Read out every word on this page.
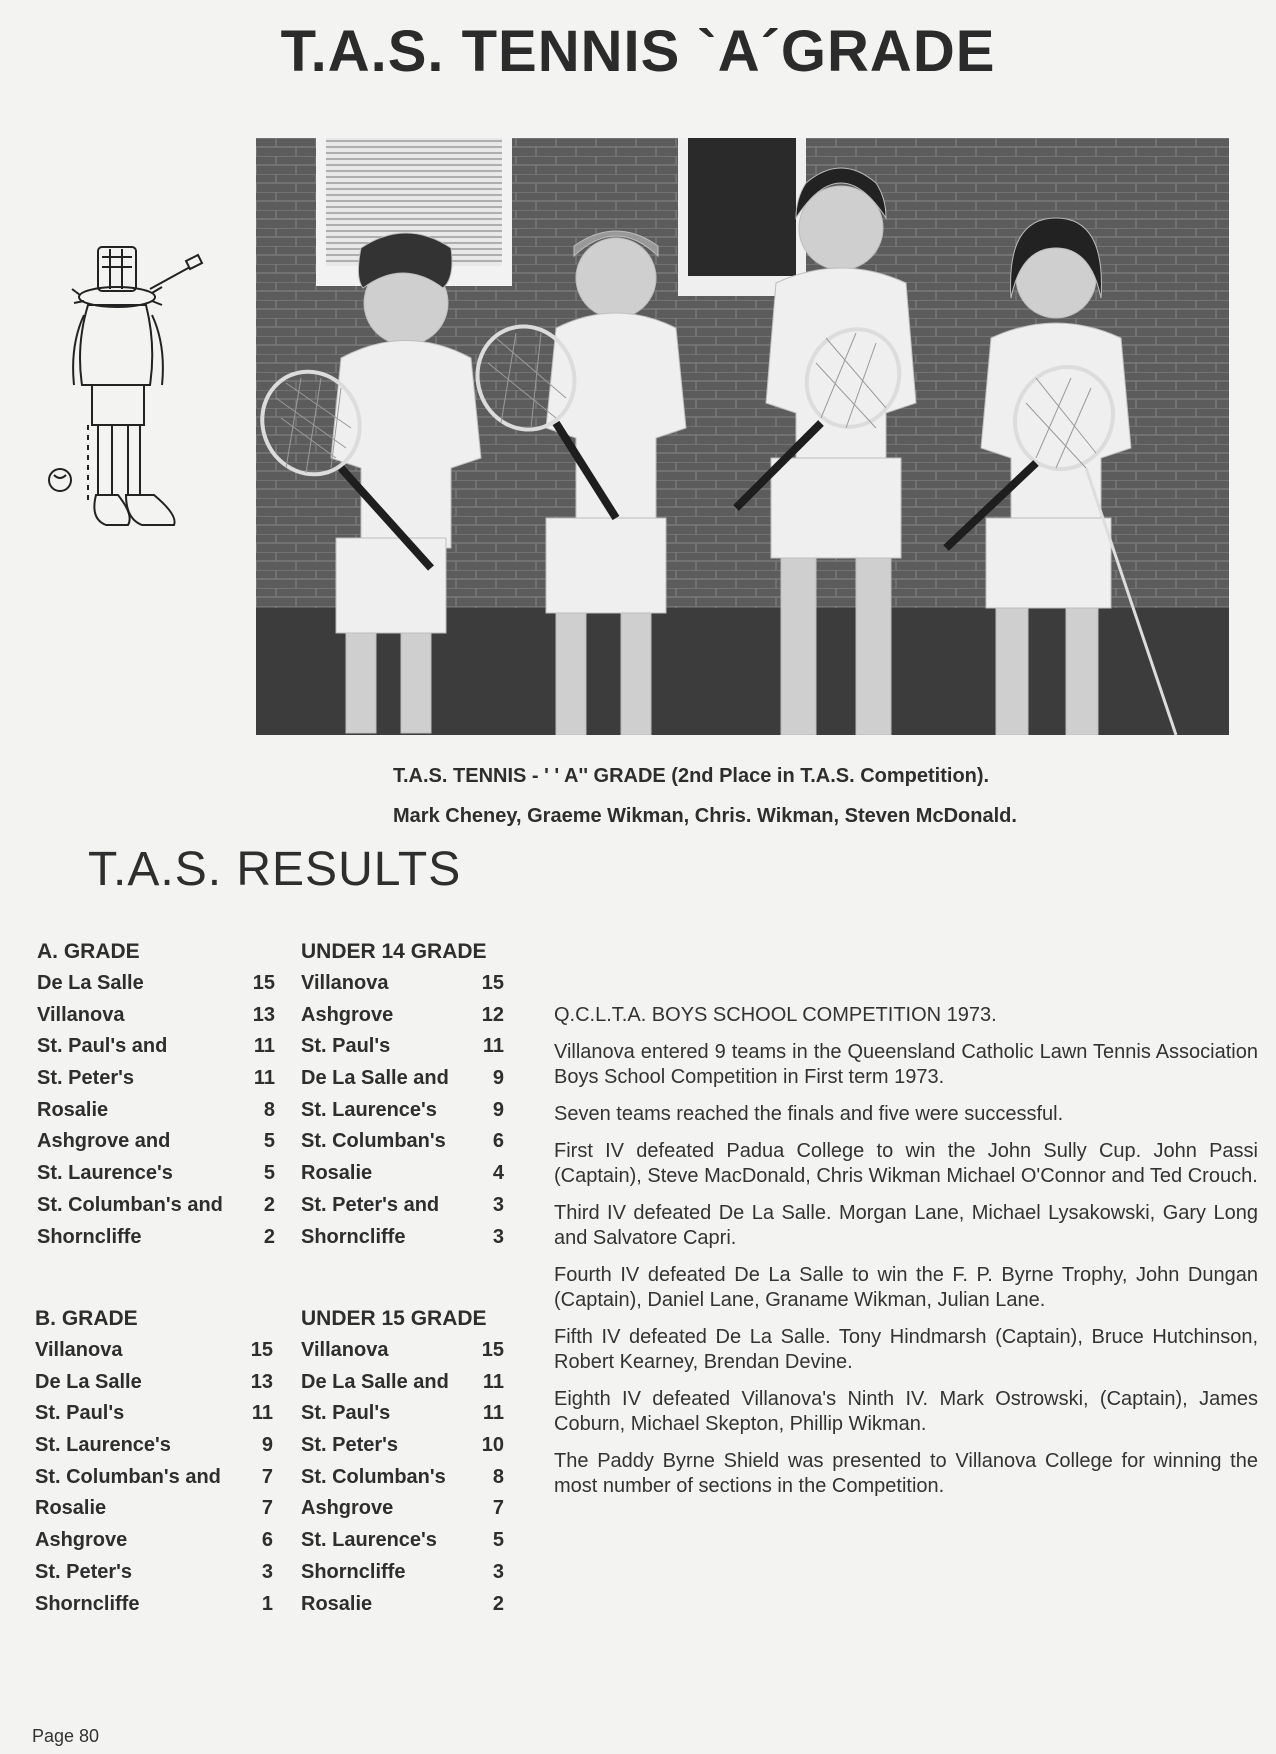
T.A.S. TENNIS `A´GRADE
T.A.S. TENNIS - ' ' A'' GRADE (2nd Place in T.A.S. Competition).
Mark Cheney, Graeme Wikman, Chris. Wikman, Steven McDonald.
T.A.S. RESULTS
A. GRADE
De La Salle	15
Villanova	13
St. Paul's and	11
St. Peter's	11
Rosalie	8
Ashgrove and	5
St. Laurence's	5
St. Columban's and 2
Shorncliffe	2
UNDER 14 GRADE
Villanova	15
Ashgrove	12
St. Paul's	11
De La Salle and 9
St. Laurence's	9
St. Columban's 6
Rosalie	4
St. Peter's and	3
Shorncliffe	3
B. GRADE
Villanova	15
De La Salle	13
St. Paul's	11
St. Laurence's	9
St. Columban's and 7
Rosalie	7
Ashgrove	6
St. Peter's	3
Shorncliffe	1
UNDER 15 GRADE
Villanova	15
De La Salle and 11
St. Paul's	11
St. Peter's	10
St. Columban's 8
Ashgrove	7
St. Laurence's	5
Shorncliffe	3
Rosalie	2

Q.C.L.T.A. BOYS SCHOOL COMPETITION 1973.

Villanova entered 9 teams in the Queensland Catholic Lawn Tennis Association Boys School Competition in First term 1973.

Seven teams reached the finals and five were successful.

First IV defeated Padua College to win the John Sully Cup. John Passi (Captain), Steve MacDonald, Chris Wikman Michael O'Connor and Ted Crouch.

Third IV defeated De La Salle. Morgan Lane, Michael Lysakowski, Gary Long and Salvatore Capri.

Fourth IV defeated De La Salle to win the F. P. Byrne Trophy, John Dungan (Captain), Daniel Lane, Graname Wikman, Julian Lane.

Fifth IV defeated De La Salle. Tony Hindmarsh (Captain), Bruce Hutchinson, Robert Kearney, Brendan Devine.

Eighth IV defeated Villanova's Ninth IV. Mark Ostrowski, (Captain), James Coburn, Michael Skepton, Phillip Wikman.

The Paddy Byrne Shield was presented to Villanova College for winning the most number of sections in the Competition.

Page 80
